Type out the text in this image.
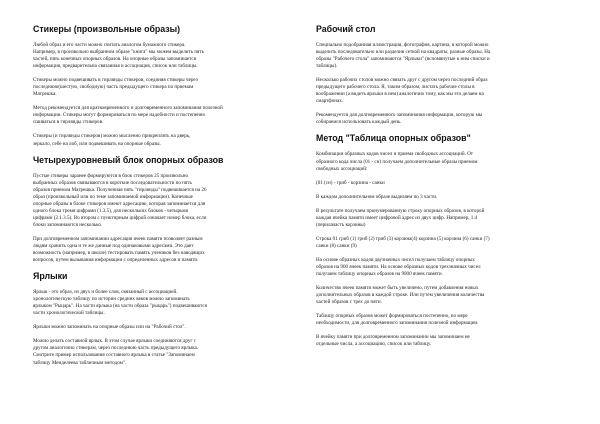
Стикеры (произвольные образы)
Любой образ и его части можно считать аналогом бумажного стикера.
Например, в произвольно выбранном образе "книга" мы можем выделить пять
частей, пять конечных опорных образов. На опорные образы запоминается
информация, предварительно связанная и ассоциация, список или таблицы.
Стикеры можно подвешивать в гирлянды стикеров, соединяя стикеры через
последнюю(шестую, свободную) часть предыдущего стикера по приемам
Матрешка.
Метод рекомендуется для кратковременного и долговременного запоминания полезной
информации. Стикеры могут формироваться по мере надобности и постепенно
сшиваться в гирлянды стикеров.
Стикеры (и гирлянды стикеров) можно мысленно прикреплять на дверь,
зеркало, себе на лоб, или подвешивать на опорные образы.
Четырехуровневый блок опорных образов
Пустые стикеры заранее формируются в блок стикеров 25 произвольно
выбранных образов связываются в короткие последовательности по пять
образов приемом Матрешка. Полученная пять "гирлянды" подвешивается на 26
образ (произвольный или по теме запоминаемой информации). Конечные
опорные образы в блоке стикеров имеют адресацию, которая запоминается для
одного блока тремя цифрами (1.3.5), для нескольких блоков - четырьмя
цифрами (2.1.3.5). Во втором с пунктирным цифрой означает номер блока, если
блоки запоминаются несколько.
При долговременном запоминании адресация ячеек памяти позволяет разным
людям хранить одна и те же данные под одинаковыми адресами. Это дает
возможность (например, в школе) тестировать память учеников без наводящих
вопросов, путем вызывания информации с определенных адресов и памяти.
Ярлыки
Ярлык - это образ, из двух и более слов, связанный с ассоциацией.
хронологическую таблицу по истории средних веков можно запоминать
ярлыком "Рыцарь". На части ярлыка (на части образа "рыцарь") подвешиваются
части хронологической таблицы.
Ярлыки можно запоминать на опорные образы или на "Рабочий стол".
Можно делать составной ярлык. В этом случае ярлыки соединяются друг с
другом аналогично стикерам, через последнюю часть предыдущего ярлыка.
Смотрите пример использования составного ярлыка в статье "Запоминаем
таблицу Менделеева табличным методом".
Рабочий стол
Специально подобранная иллюстрация, фотография, картина, в которой можно
выделить последовательно или разделив сеткой на квадраты, разные образы. На
образы "Рабочего стола" запоминаются "Ярлыки" (вспомянутые к ним списки и
таблицы).
Несколько рабочих столов можно связать друг с другом через последний образ
предыдущего рабочего стола. Я, таким образом, листать рабочие столы в
воображении (а видеть ярлыки в нем) аналогично тому, как мы это делаем на
смартфонах.
Рекомендуется для долговременного запоминания информации, которую мы
собираемся использовать каждый день.
Метод "Таблица опорных образов"
Комбинации образных кодов чисел и приема свободных ассоциаций. От
образного кода числа (01 - сн) получаем дополнительные образы приемом
свободных ассоциаций:
(01 (сн) - гриб - корзина - санки
В каждом дополнительном образе выделяем по 3 части.
В результате получаем пронумерованную строку опорных образов, в которой
каждая ячейка памяти имеет цифровой адрес из двух цифр. Например, 1.4
(перилачасть корзины)
Строка 01 гриб (1) гриб (2) гриб (3) корзина(4) корзина (5) корзина (6) санки (7)
санки (8) санки (9)
На основе образных кодов двузначных чисел получаем таблицу опорных
образов на 900 ячеек памяти. На основе образных кодов трехзначных чисел
получаем таблицу опорных образов на 9000 ячеек памяти.
Количество ячеек памяти может быть увеличено, путем добавления новых
дополнительных образов в каждой строке. Или путем увеличения количества
частей образов с трех до пяти.
Таблицу опорных образов может формироваться постепенно, по мере
необходимости, для долговременного запоминания полезной информации.
В ячейку памяти при долговременном запоминании мы запоминаем не
отдельные числа, а ассоциацию, список или таблицу.
